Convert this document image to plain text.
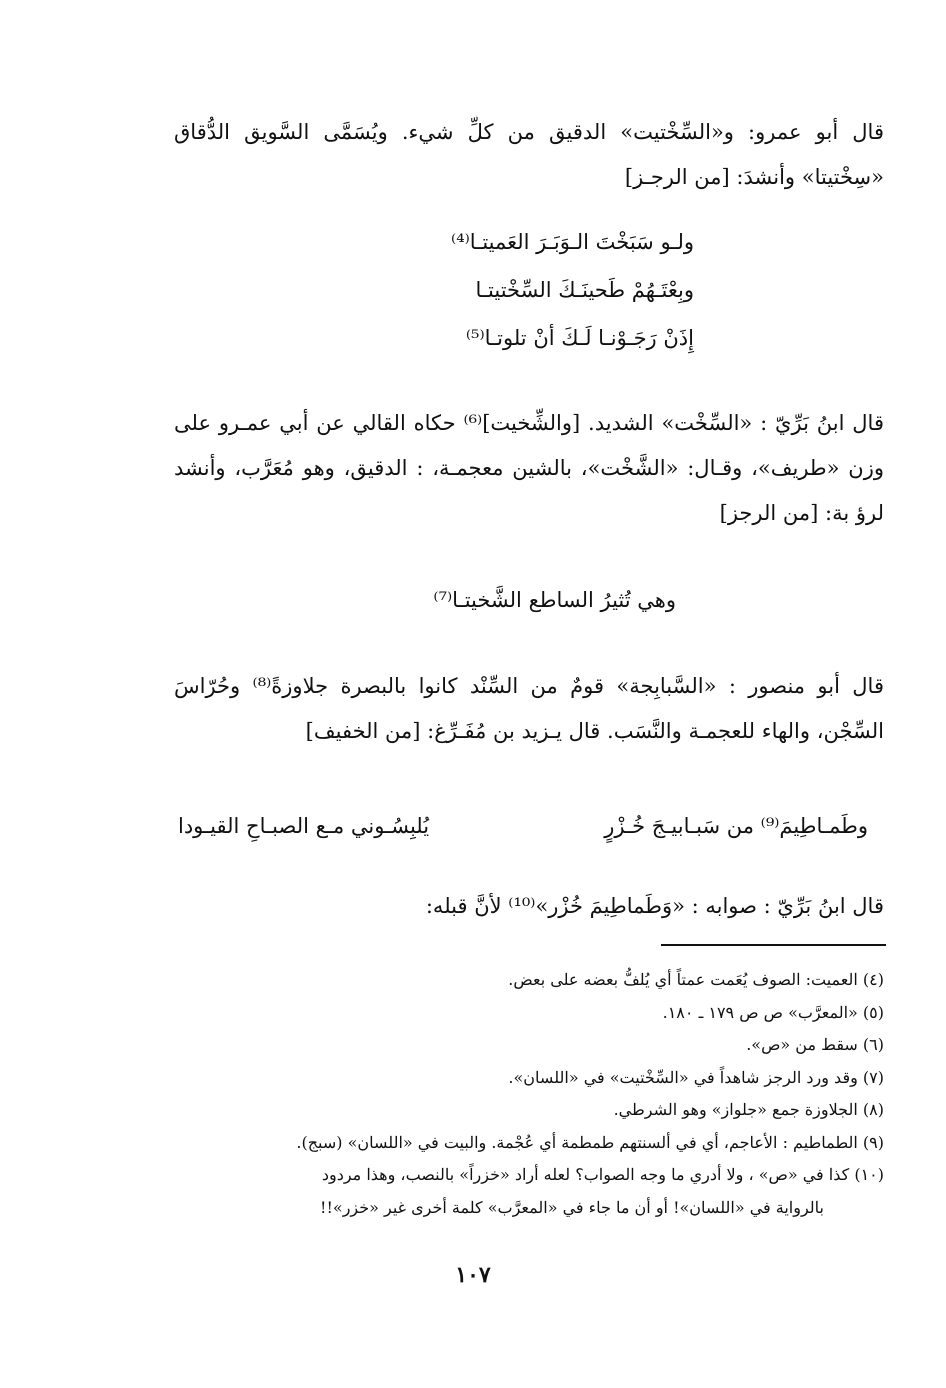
قال أبو عمرو: و«السِّخْتيت» الدقيق من كلِّ شيء. ويُسَمَّى السَّويق الدُّقاق «سِخْتيتا» وأنشدَ: [من الرجـز]
ولـو سَبَخْتَ الـوَبَـرَ العَميتـا⁽⁴⁾
وبِعْتَـهُمْ طَحينَـكَ السِّخْتيتـا
إِذَنْ رَجَـوْنـا لَـكَ أنْ تلوتـا⁽⁵⁾
قال ابنُ بَرِّيّ : «السِّخْت» الشديد. [والشِّخيت]⁽⁶⁾ حكاه القالي عن أبي عمـرو على وزن «طريف»، وقـال: «الشَّخْت»، بالشين معجمـة، : الدقيق، وهو مُعَرَّب، وأنشد لرؤ بة: [من الرجز]
وهي تُثيرُ الساطع الشَّخيتـا⁽⁷⁾
قال أبو منصور : «السَّبابِجة» قومٌ من السِّنْد كانوا بالبصرة جلاوزةً⁽⁸⁾ وحُرّاسَ السِّجْن، والهاء للعجمـة والنَّسَب. قال يـزيد بن مُفَـرِّغ: [من الخفيف]
وطَمـاطِيمَ⁽⁹⁾ من سَبـابيـجَ خُـزْرٍ
يُلبِسُـوني مـع الصبـاحِ القيـودا
قال ابنُ بَرِّيّ : صوابه : «وَطَماطِيمَ خُزْر»⁽¹⁰⁾ لأنَّ قبله:
(٤) العميت: الصوف يُعَمت عمتاً أي يُلفُّ بعضه على بعض.
(٥) «المعرَّب» ص ص ١٧٩ ـ ١٨٠.
(٦) سقط من «ص».
(٧) وقد ورد الرجز شاهداً في «السِّخْتيت» في «اللسان».
(٨) الجلاوزة جمع «جلواز» وهو الشرطي.
(٩) الطماطيم : الأعاجم، أي في ألسنتهم طمطمة أي عُجْمة. والبيت في «اللسان» (سبج).
(١٠) كذا في «ص» ، ولا أدري ما وجه الصواب؟ لعله أراد «خزراً» بالنصب، وهذا مردود
بالرواية في «اللسان»! أو أن ما جاء في «المعرَّب» كلمة أخرى غير «خزر»!!
١٠٧
